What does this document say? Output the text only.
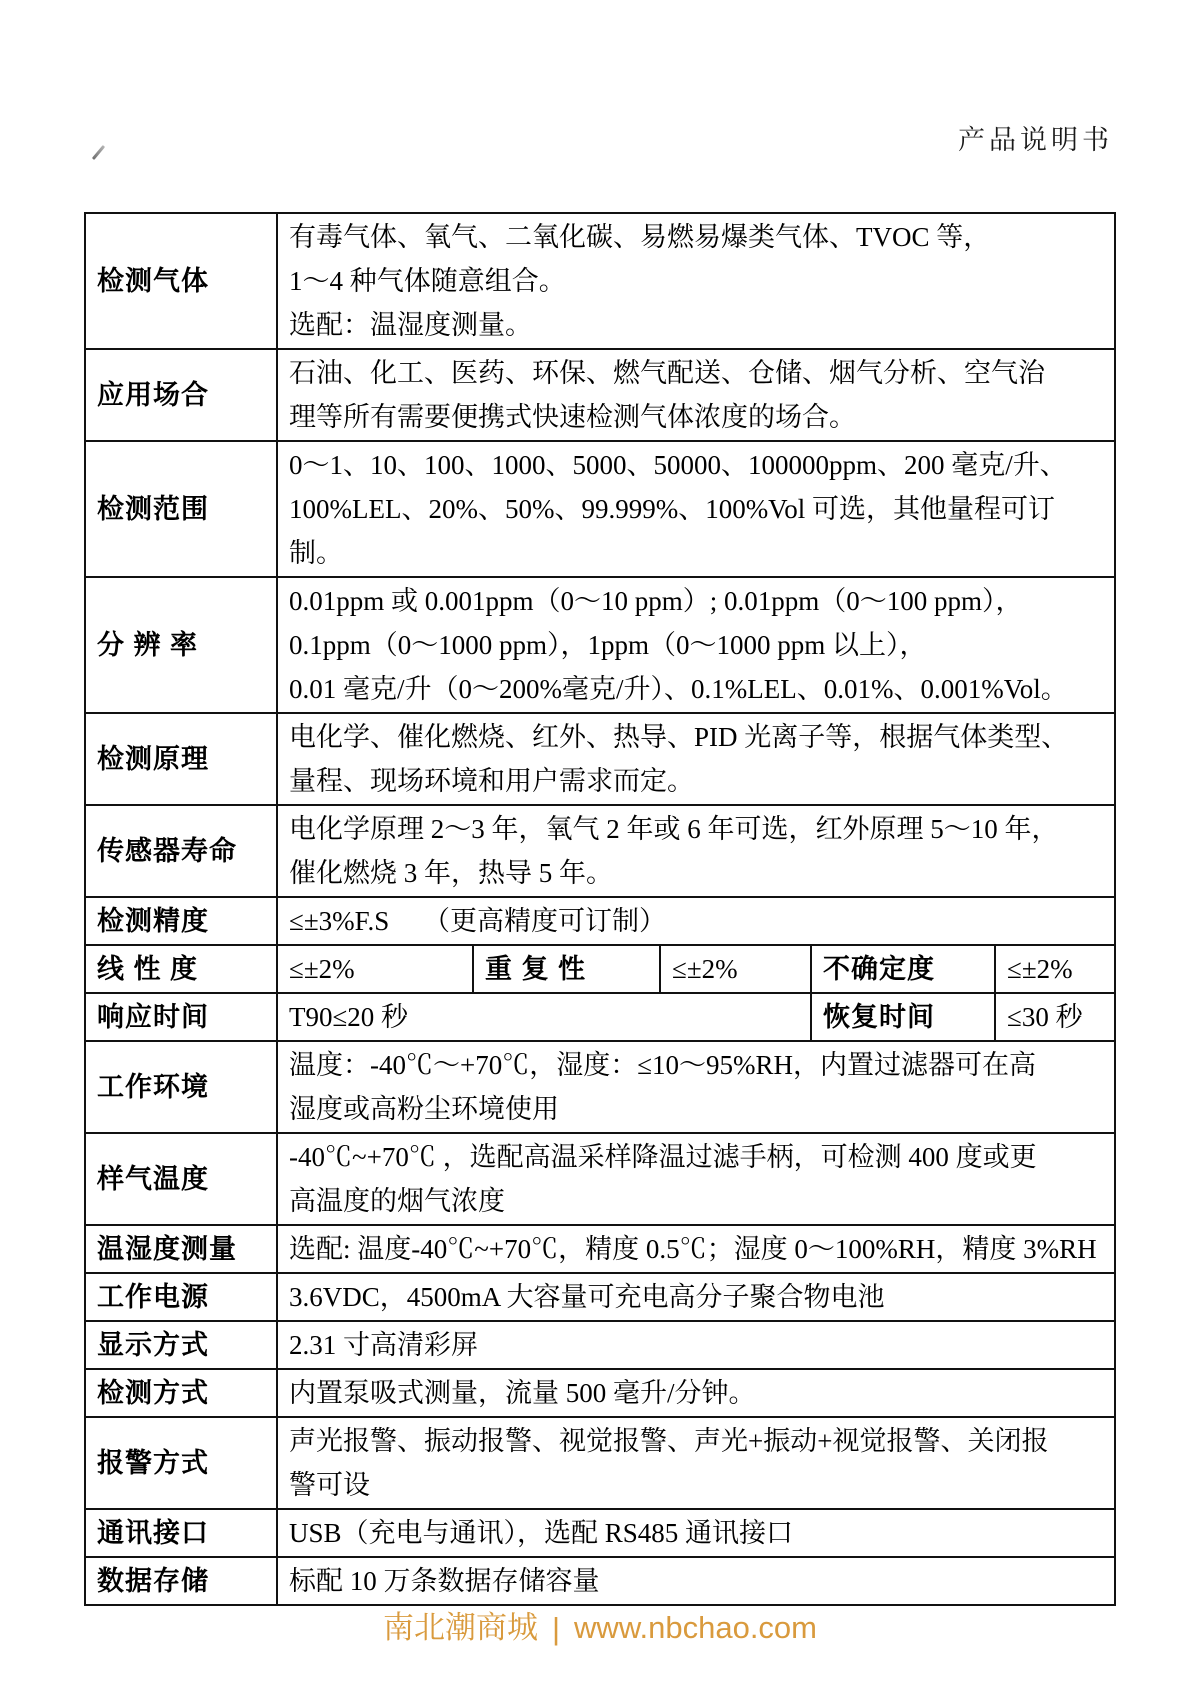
产品说明书
检测气体	有毒气体、氧气、二氧化碳、易燃易爆类气体、TVOC 等，
1～4 种气体随意组合。
选配：温湿度测量。				

应用场合	石油、化工、医药、环保、燃气配送、仓储、烟气分析、空气治
理等所有需要便携式快速检测气体浓度的场合。				

检测范围	0～1、10、100、1000、5000、50000、100000ppm、200 毫克/升、
100%LEL、20%、50%、99.999%、100%Vol 可选，其他量程可订制。				

分 辨 率	0.01ppm 或 0.001ppm（0～10 ppm）; 0.01ppm（0～100 ppm），
0.1ppm（0～1000 ppm），1ppm（0～1000 ppm 以上），
0.01 毫克/升（0～200%毫克/升）、0.1%LEL、0.01%、0.001%Vol。				

检测原理	电化学、催化燃烧、红外、热导、PID 光离子等，根据气体类型、
量程、现场环境和用户需求而定。				

传感器寿命	电化学原理 2～3 年，氧气 2 年或 6 年可选，红外原理 5～10 年，
催化燃烧 3 年，热导 5 年。				

检测精度	≤±3%F.S　 （更高精度可订制）				

线 性 度	≤±2%	重 复 性	≤±2%	不确定度	≤±2%
响应时间	T90≤20 秒			恢复时间	≤30 秒
工作环境	温度：-40℃～+70℃，湿度：≤10～95%RH，内置过滤器可在高
湿度或高粉尘环境使用				

样气温度	-40℃~+70℃ ，选配高温采样降温过滤手柄，可检测 400 度或更
高温度的烟气浓度				

温湿度测量	选配: 温度-40℃~+70℃，精度 0.5℃；湿度 0～100%RH，精度 3%RH				

工作电源	3.6VDC，4500mA 大容量可充电高分子聚合物电池				

显示方式	2.31 寸高清彩屏				

检测方式	内置泵吸式测量，流量 500 毫升/分钟。				

报警方式	声光报警、振动报警、视觉报警、声光+振动+视觉报警、关闭报
警可设				

通讯接口	USB（充电与通讯），选配 RS485 通讯接口				

数据存储	标配 10 万条数据存储容量				
南北潮商城 | www.nbchao.com
